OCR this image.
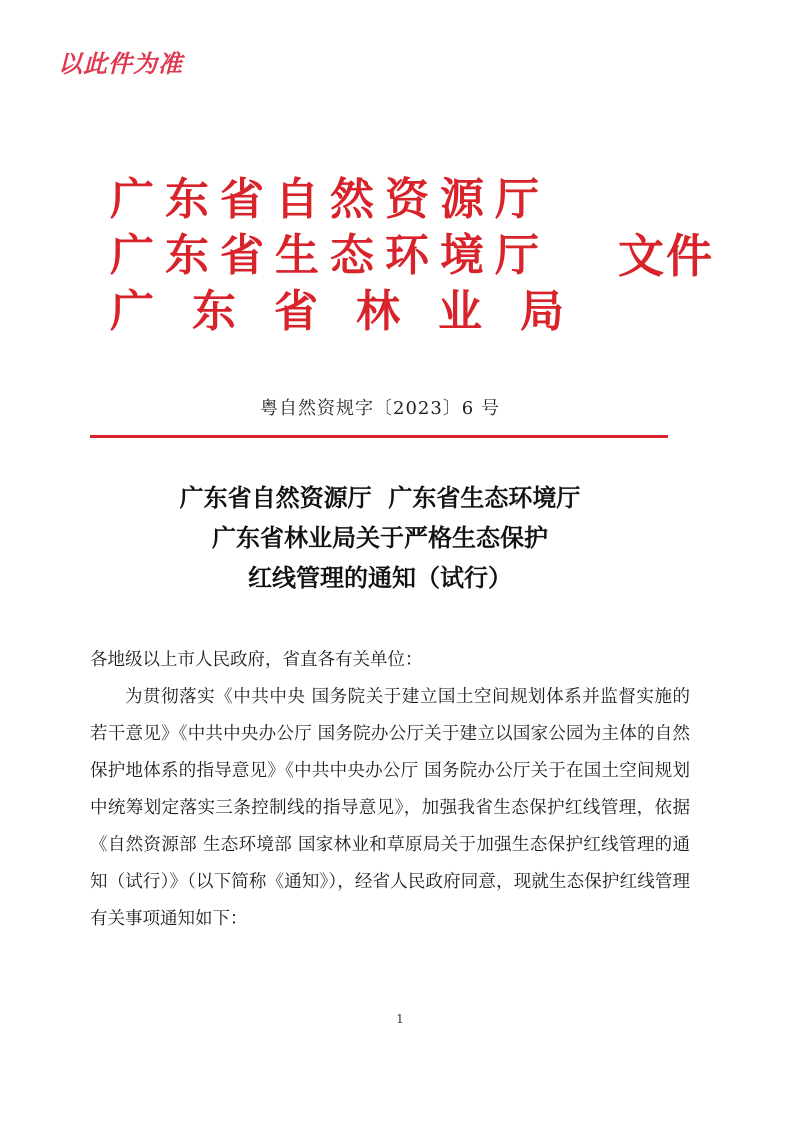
以此件为准
广东省自然资源厅
广东省生态环境厅
广东省林业局
文件
粤自然资规字〔2023〕6 号
广东省自然资源厅  广东省生态环境厅
广东省林业局关于严格生态保护
红线管理的通知（试行）
各地级以上市人民政府，省直各有关单位：
为贯彻落实《中共中央 国务院关于建立国土空间规划体系并监督实施的若干意见》《中共中央办公厅 国务院办公厅关于建立以国家公园为主体的自然保护地体系的指导意见》《中共中央办公厅 国务院办公厅关于在国土空间规划中统筹划定落实三条控制线的指导意见》，加强我省生态保护红线管理，依据《自然资源部 生态环境部 国家林业和草原局关于加强生态保护红线管理的通知（试行）》（以下简称《通知》），经省人民政府同意，现就生态保护红线管理有关事项通知如下：
1
